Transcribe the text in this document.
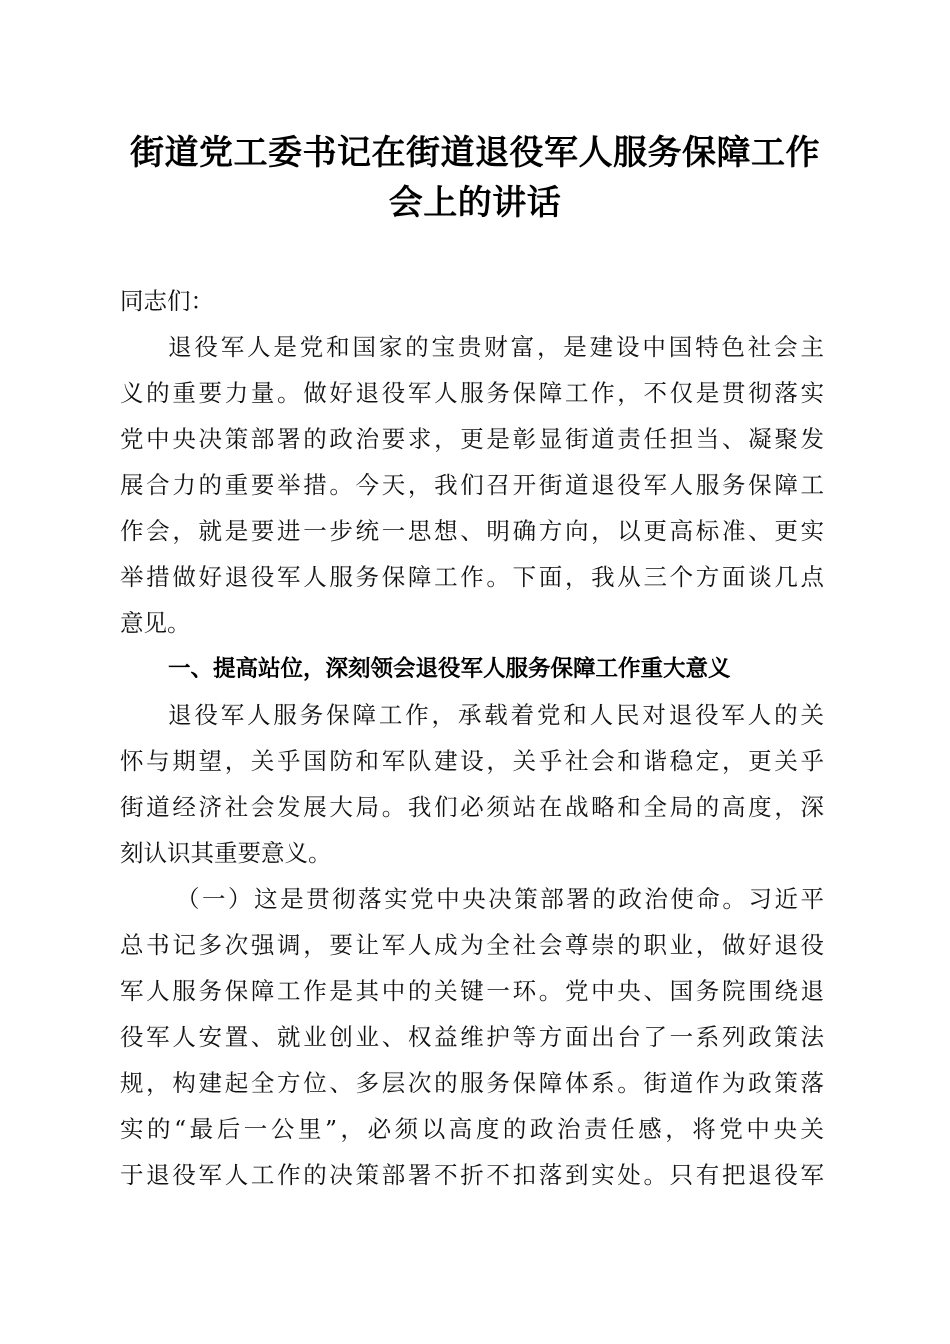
街道党工委书记在街道退役军人服务保障工作
会上的讲话
同志们：
退役军人是党和国家的宝贵财富，是建设中国特色社会主
义的重要力量。做好退役军人服务保障工作，不仅是贯彻落实
党中央决策部署的政治要求，更是彰显街道责任担当、凝聚发
展合力的重要举措。今天，我们召开街道退役军人服务保障工
作会，就是要进一步统一思想、明确方向，以更高标准、更实
举措做好退役军人服务保障工作。下面，我从三个方面谈几点
意见。
一、提高站位，深刻领会退役军人服务保障工作重大意义
退役军人服务保障工作，承载着党和人民对退役军人的关
怀与期望，关乎国防和军队建设，关乎社会和谐稳定，更关乎
街道经济社会发展大局。我们必须站在战略和全局的高度，深
刻认识其重要意义。
（一）这是贯彻落实党中央决策部署的政治使命。习近平
总书记多次强调，要让军人成为全社会尊崇的职业，做好退役
军人服务保障工作是其中的关键一环。党中央、国务院围绕退
役军人安置、就业创业、权益维护等方面出台了一系列政策法
规，构建起全方位、多层次的服务保障体系。街道作为政策落
实的“最后一公里”，必须以高度的政治责任感，将党中央关
于退役军人工作的决策部署不折不扣落到实处。只有把退役军
